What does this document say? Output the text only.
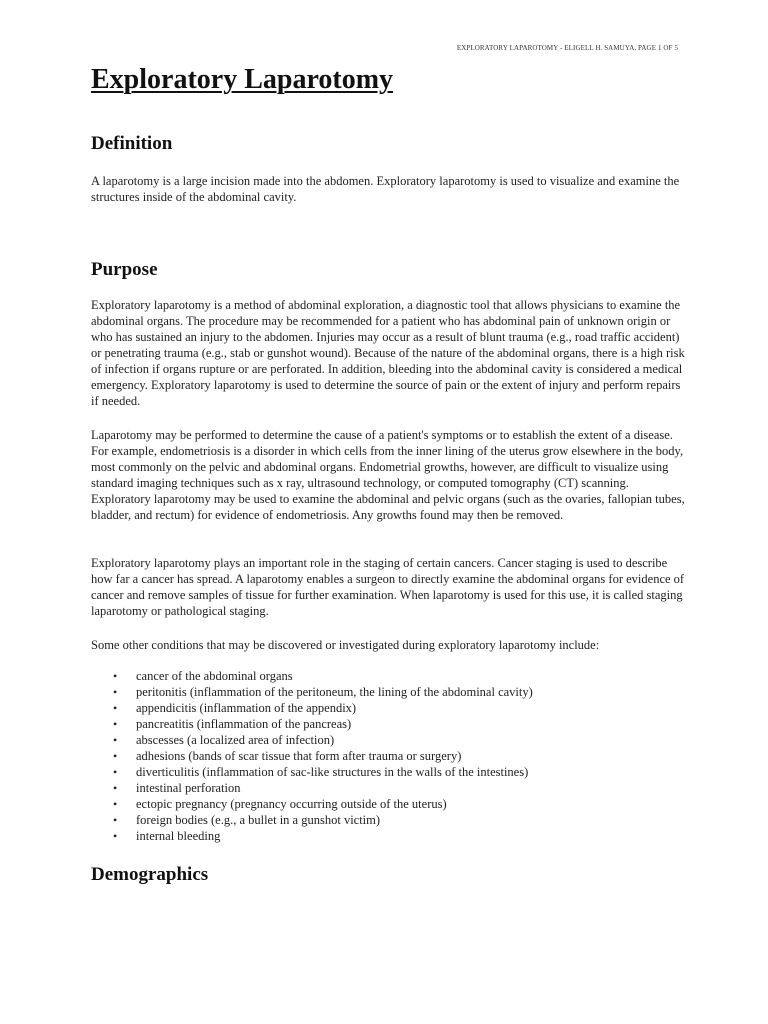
EXPLORATORY LAPAROTOMY - ELIGELL H. SAMUYA, PAGE 1 OF 5
Exploratory Laparotomy
Definition

A laparotomy is a large incision made into the abdomen. Exploratory laparotomy is used to visualize and examine the structures inside of the abdominal cavity.

Purpose

Exploratory laparotomy is a method of abdominal exploration, a diagnostic tool that allows physicians to examine the abdominal organs. The procedure may be recommended for a patient who has abdominal pain of unknown origin or who has sustained an injury to the abdomen. Injuries may occur as a result of blunt trauma (e.g., road traffic accident) or penetrating trauma (e.g., stab or gunshot wound). Because of the nature of the abdominal organs, there is a high risk of infection if organs rupture or are perforated. In addition, bleeding into the abdominal cavity is considered a medical emergency. Exploratory laparotomy is used to determine the source of pain or the extent of injury and perform repairs if needed.

Laparotomy may be performed to determine the cause of a patient's symptoms or to establish the extent of a disease. For example, endometriosis is a disorder in which cells from the inner lining of the uterus grow elsewhere in the body, most commonly on the pelvic and abdominal organs. Endometrial growths, however, are difficult to visualize using standard imaging techniques such as x ray, ultrasound technology, or computed tomography (CT) scanning. Exploratory laparotomy may be used to examine the abdominal and pelvic organs (such as the ovaries, fallopian tubes, bladder, and rectum) for evidence of endometriosis. Any growths found may then be removed.

Exploratory laparotomy plays an important role in the staging of certain cancers. Cancer staging is used to describe how far a cancer has spread. A laparotomy enables a surgeon to directly examine the abdominal organs for evidence of cancer and remove samples of tissue for further examination. When laparotomy is used for this use, it is called staging laparotomy or pathological staging.

Some other conditions that may be discovered or investigated during exploratory laparotomy include:

• cancer of the abdominal organs
• peritonitis (inflammation of the peritoneum, the lining of the abdominal cavity)
• appendicitis (inflammation of the appendix)
• pancreatitis (inflammation of the pancreas)
• abscesses (a localized area of infection)
• adhesions (bands of scar tissue that form after trauma or surgery)
• diverticulitis (inflammation of sac-like structures in the walls of the intestines)
• intestinal perforation
• ectopic pregnancy (pregnancy occurring outside of the uterus)
• foreign bodies (e.g., a bullet in a gunshot victim)
• internal bleeding
Demographics
